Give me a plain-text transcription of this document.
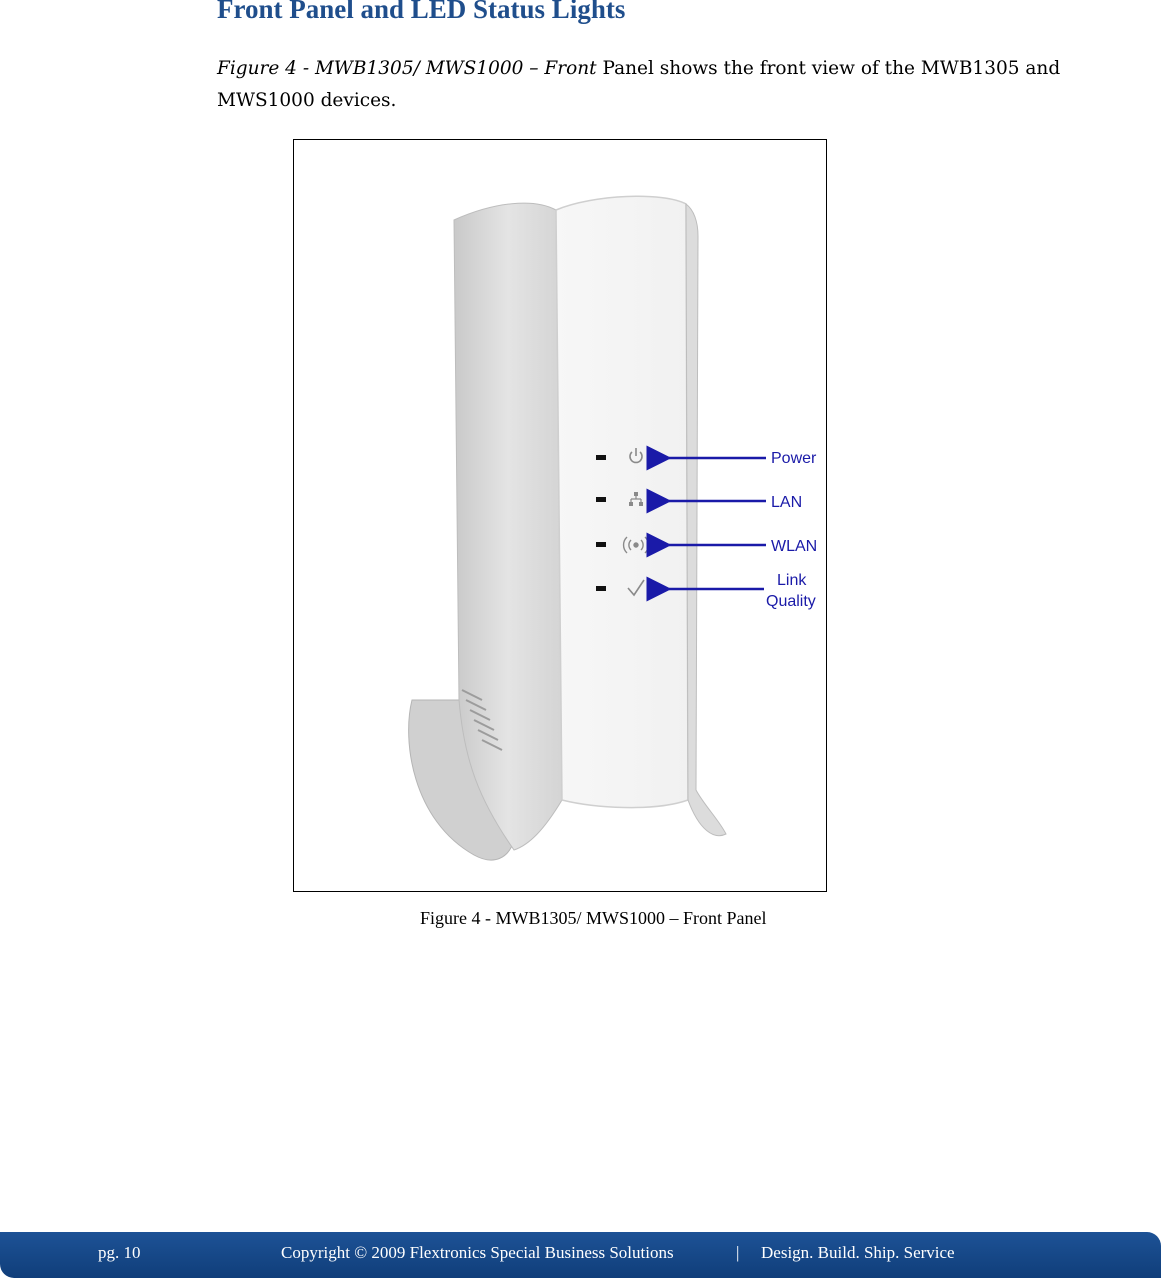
Front Panel and LED Status Lights

Figure 4 - MWB1305/ MWS1000 – Front Panel shows the front view of the MWB1305 and MWS1000 devices.

Power
LAN
WLAN
Link
Quality

Figure 4 - MWB1305/ MWS1000 – Front Panel

pg. 10	Copyright © 2009 Flextronics Special Business Solutions	| Design. Build. Ship. Service
